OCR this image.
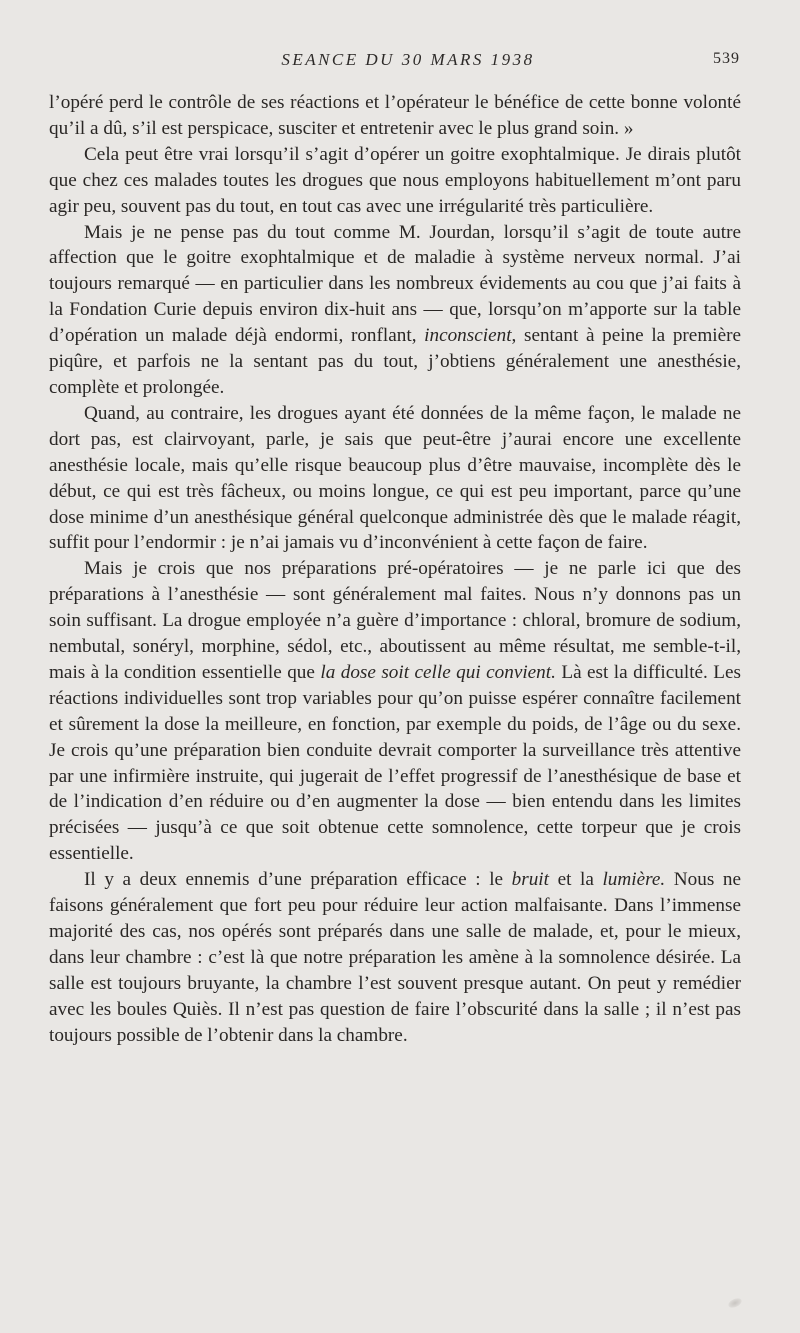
SEANCE DU 30 MARS 1938	539

l’opéré perd le contrôle de ses réactions et l’opérateur le bénéfice de cette bonne volonté qu’il a dû, s’il est perspicace, susciter et entretenir avec le plus grand soin. »

Cela peut être vrai lorsqu’il s’agit d’opérer un goitre exophtalmique. Je dirais plutôt que chez ces malades toutes les drogues que nous employons habituellement m’ont paru agir peu, souvent pas du tout, en tout cas avec une irrégularité très particulière.

Mais je ne pense pas du tout comme M. Jourdan, lorsqu’il s’agit de toute autre affection que le goitre exophtalmique et de maladie à système nerveux normal. J’ai toujours remarqué — en particulier dans les nombreux évidements au cou que j’ai faits à la Fondation Curie depuis environ dix-huit ans — que, lorsqu’on m’apporte sur la table d’opération un malade déjà endormi, ronflant, inconscient, sentant à peine la première piqûre, et parfois ne la sentant pas du tout, j’obtiens généralement une anesthésie, complète et prolongée.

Quand, au contraire, les drogues ayant été données de la même façon, le malade ne dort pas, est clairvoyant, parle, je sais que peut-être j’aurai encore une excellente anesthésie locale, mais qu’elle risque beaucoup plus d’être mauvaise, incomplète dès le début, ce qui est très fâcheux, ou moins longue, ce qui est peu important, parce qu’une dose minime d’un anesthésique général quelconque administrée dès que le malade réagit, suffit pour l’endormir : je n’ai jamais vu d’inconvénient à cette façon de faire.

Mais je crois que nos préparations pré-opératoires — je ne parle ici que des préparations à l’anesthésie — sont généralement mal faites. Nous n’y donnons pas un soin suffisant. La drogue employée n’a guère d’importance : chloral, bromure de sodium, nembutal, sonéryl, morphine, sédol, etc., aboutissent au même résultat, me semble-t-il, mais à la condition essentielle que la dose soit celle qui convient. Là est la difficulté. Les réactions individuelles sont trop variables pour qu’on puisse espérer connaître facilement et sûrement la dose la meilleure, en fonction, par exemple du poids, de l’âge ou du sexe. Je crois qu’une préparation bien conduite devrait comporter la surveillance très attentive par une infirmière instruite, qui jugerait de l’effet progressif de l’anesthésique de base et de l’indication d’en réduire ou d’en augmenter la dose — bien entendu dans les limites précisées — jusqu’à ce que soit obtenue cette somnolence, cette torpeur que je crois essentielle.

Il y a deux ennemis d’une préparation efficace : le bruit et la lumière. Nous ne faisons généralement que fort peu pour réduire leur action malfaisante. Dans l’immense majorité des cas, nos opérés sont préparés dans une salle de malade, et, pour le mieux, dans leur chambre : c’est là que notre préparation les amène à la somnolence désirée. La salle est toujours bruyante, la chambre l’est souvent presque autant. On peut y remédier avec les boules Quiès. Il n’est pas question de faire l’obscurité dans la salle ; il n’est pas toujours possible de l’obtenir dans la chambre.
